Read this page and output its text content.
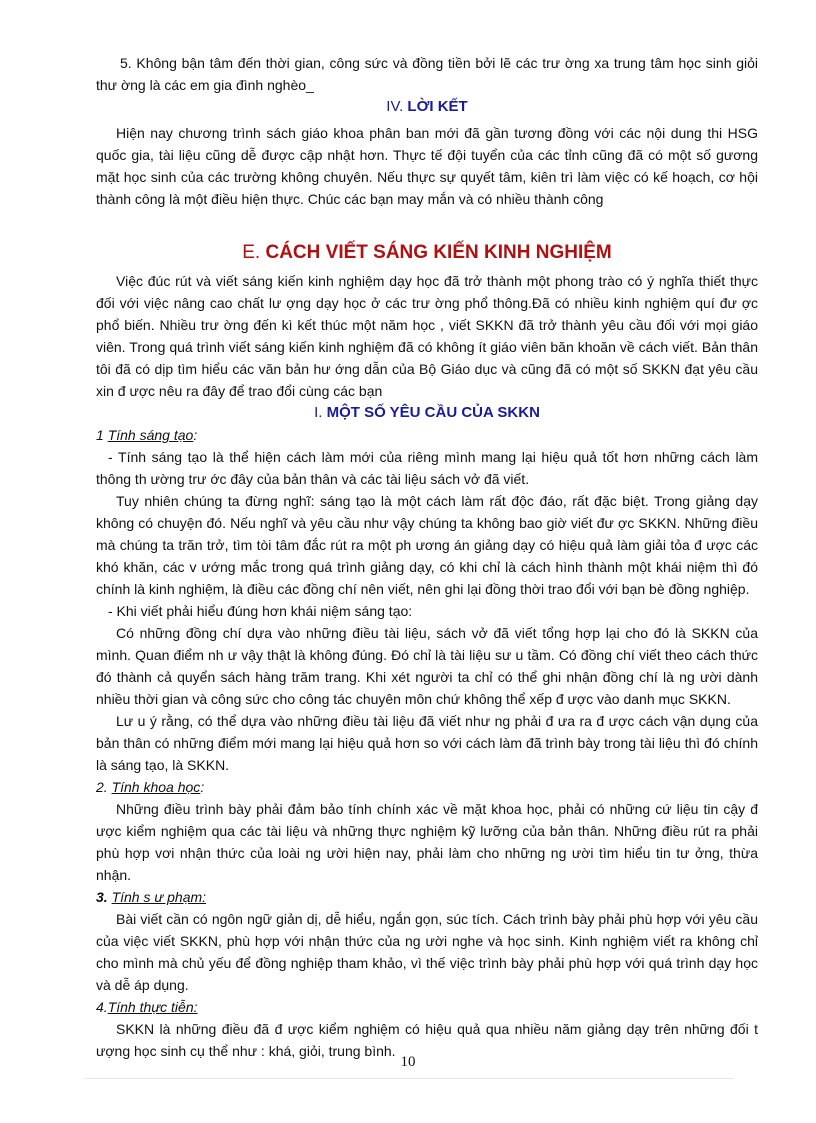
5. Không bận tâm đến thời gian, công sức và đồng tiền bởi lẽ các trư ờng xa trung tâm học sinh giỏi thư ờng là các em gia đình nghèo_

IV. LỜI KẾT

Hiện nay chương trình sách giáo khoa phân ban mới đã gần tương đồng với các nội dung thi HSG quốc gia, tài liệu cũng dễ được cập nhật hơn. Thực tế đội tuyển của các tỉnh cũng đã có một số gương mặt học sinh của các trường không chuyên. Nếu thực sự quyết tâm, kiên trì làm việc có kế hoạch, cơ hội thành công là một điều hiện thực. Chúc các bạn may mắn và có nhiều thành công

E. CÁCH VIẾT SÁNG KIẾN KINH NGHIỆM

Việc đúc rút và viết sáng kiến kinh nghiệm dạy học đã trở thành một phong trào có ý nghĩa thiết thực đối với việc nâng cao chất lư ợng dạy học ở các trư ờng phổ thông.Đã có nhiều kinh nghiệm quí đư ợc phổ biến. Nhiều trư ờng đến kì kết thúc một năm học , viết SKKN đã trở thành yêu cầu đối với mọi giáo viên. Trong quá trình viết sáng kiến kinh nghiệm đã có không ít giáo viên băn khoăn về cách viết. Bản thân tôi đã có dịp tìm hiểu các văn bản hư ớng dẫn của Bộ Giáo dục và cũng đã có một số SKKN đạt yêu cầu xin đ ược nêu ra đây để trao đổi cùng các bạn

I. MỘT SỐ YÊU CẦU CỦA SKKN

1 Tính sáng tạo:

- Tính sáng tạo là thể hiện cách làm mới của riêng mình mang lại hiệu quả tốt hơn những cách làm thông th ường trư ớc đây của bản thân và các tài liệu sách vở đã viết.

Tuy nhiên chúng ta đừng nghĩ: sáng tạo là một cách làm rất độc đáo, rất đặc biệt. Trong giảng dạy không có chuyện đó. Nếu nghĩ và yêu cầu như vậy chúng ta không bao giờ viết đư ợc SKKN. Những điều mà chúng ta trăn trở, tìm tòi tâm đắc rút ra một ph ương án giảng dạy có hiệu quả làm giải tỏa đ ược các khó khăn, các v ướng mắc trong quá trình giảng dạy, có khi chỉ là cách hình thành một khái niệm thì đó chính là kinh nghiệm, là điều các đồng chí nên viết, nên ghi lại đồng thời trao đổi với bạn bè đồng nghiệp.

- Khi viết phải hiểu đúng hơn khái niệm sáng tạo:

Có những đồng chí dựa vào những điều tài liệu, sách vở đã viết tổng hợp lại cho đó là SKKN của mình. Quan điểm nh ư vậy thật là không đúng. Đó chỉ là tài liệu sư u tầm. Có đồng chí viết theo cách thức đó thành cả quyển sách hàng trăm trang. Khi xét người ta chỉ có thể ghi nhận đồng chí là ng ười dành nhiều thời gian và công sức cho công tác chuyên môn chứ không thể xếp đ ược vào danh mục SKKN.

Lư u ý rằng, có thể dựa vào những điều tài liệu đã viết như ng phải đ ưa ra đ ược cách vận dụng của bản thân có những điểm mới mang lại hiệu quả hơn so với cách làm đã trình bày trong tài liệu thì đó chính là sáng tạo, là SKKN.

2. Tính khoa học:

Những điều trình bày phải đảm bảo tính chính xác về mặt khoa học, phải có những cứ liệu tin cậy đ ược kiểm nghiệm qua các tài liệu và những thực nghiệm kỹ lưỡng của bản thân. Những điều rút ra phải phù hợp vơi nhận thức của loài ng ười hiện nay, phải làm cho những ng ười tìm hiểu tin tư ởng, thừa nhận.

3. Tính s ư phạm:

Bài viết cần có ngôn ngữ giản dị, dễ hiểu, ngắn gọn, súc tích. Cách trình bày phải phù hợp với yêu cầu của việc viết SKKN, phù hợp với nhận thức của ng ười nghe và học sinh. Kinh nghiệm viết ra không chỉ cho mình mà chủ yếu để đồng nghiệp tham khảo, vì thế việc trình bày phải phù hợp với quá trình dạy học và dễ áp dụng.

4.Tính thực tiễn:

SKKN là những điều đã đ ược kiểm nghiệm có hiệu quả qua nhiều năm giảng dạy trên những đối t ượng học sinh cụ thể như : khá, giỏi, trung bình.

10
